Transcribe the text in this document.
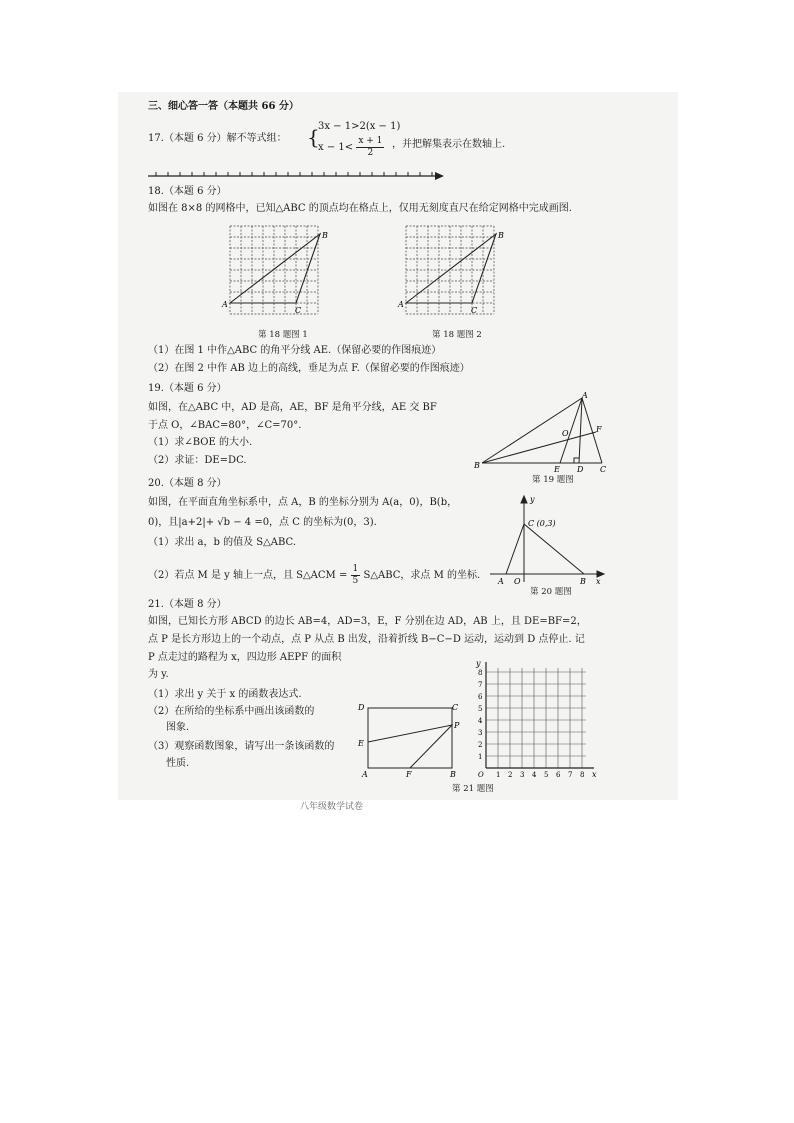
三、细心答一答（本题共 66 分）
17.（本题 6 分）解不等式组： {
3x − 1>2(x − 1)
$x - 1< \frac{x + 1}{2}$ ，并把解集表示在数轴上.
18.（本题 6 分）
如图在 8×8 的网格中，已知△ABC 的顶点均在格点上，仅用无刻度直尺在给定网格中完成画图.
A
B
C
A
B
C
第 18 题图 1	第 18 题图 2
（1）在图 1 中作△ABC 的角平分线 AE.（保留必要的作图痕迹）
（2）在图 2 中作 AB 边上的高线，垂足为点 F.（保留必要的作图痕迹）
19.（本题 6 分）
如图，在△ABC 中，AD 是高，AE，BF 是角平分线，AE 交 BF
于点 O，∠BAC=80°，∠C=70°.
（1）求∠BOE 的大小.
（2）求证：DE=DC.
A
B	C
D
E
F
O
第 19 题图
20.（本题 8 分）
如图，在平面直角坐标系中，点 A，B 的坐标分别为 A(a，0)，B(b，
0)，且|a+2|+ √b − 4 =0，点 C 的坐标为(0，3).
（1）求出 a，b 的值及 S△ABC.
（2）若点 M 是 y 轴上一点，且 S△ACM = $\frac{1}{5}$ S△ABC，求点 M 的坐标.
y
x
A O	B
C (0,3)
第 20 题图
21.（本题 8 分）
如图，已知长方形 ABCD 的边长 AB=4，AD=3，E，F 分别在边 AD，AB 上，且 DE=BF=2，
点 P 是长方形边上的一个动点，点 P 从点 B 出发，沿着折线 B−C−D 运动，运动到 D 点停止. 记
P 点走过的路程为 x，四边形 AEPF 的面积
为 y.
（1）求出 y 关于 x 的函数表达式.
（2）在所给的坐标系中画出该函数的
图象.
（3）观察函数图象，请写出一条该函数的
性质.
D	C
E
P
A	F	B
8
7
6
5
4
3
2
1
1 2 3 4 5 6 7 8
y
x
O
第 21 题图
八年级数学试卷
